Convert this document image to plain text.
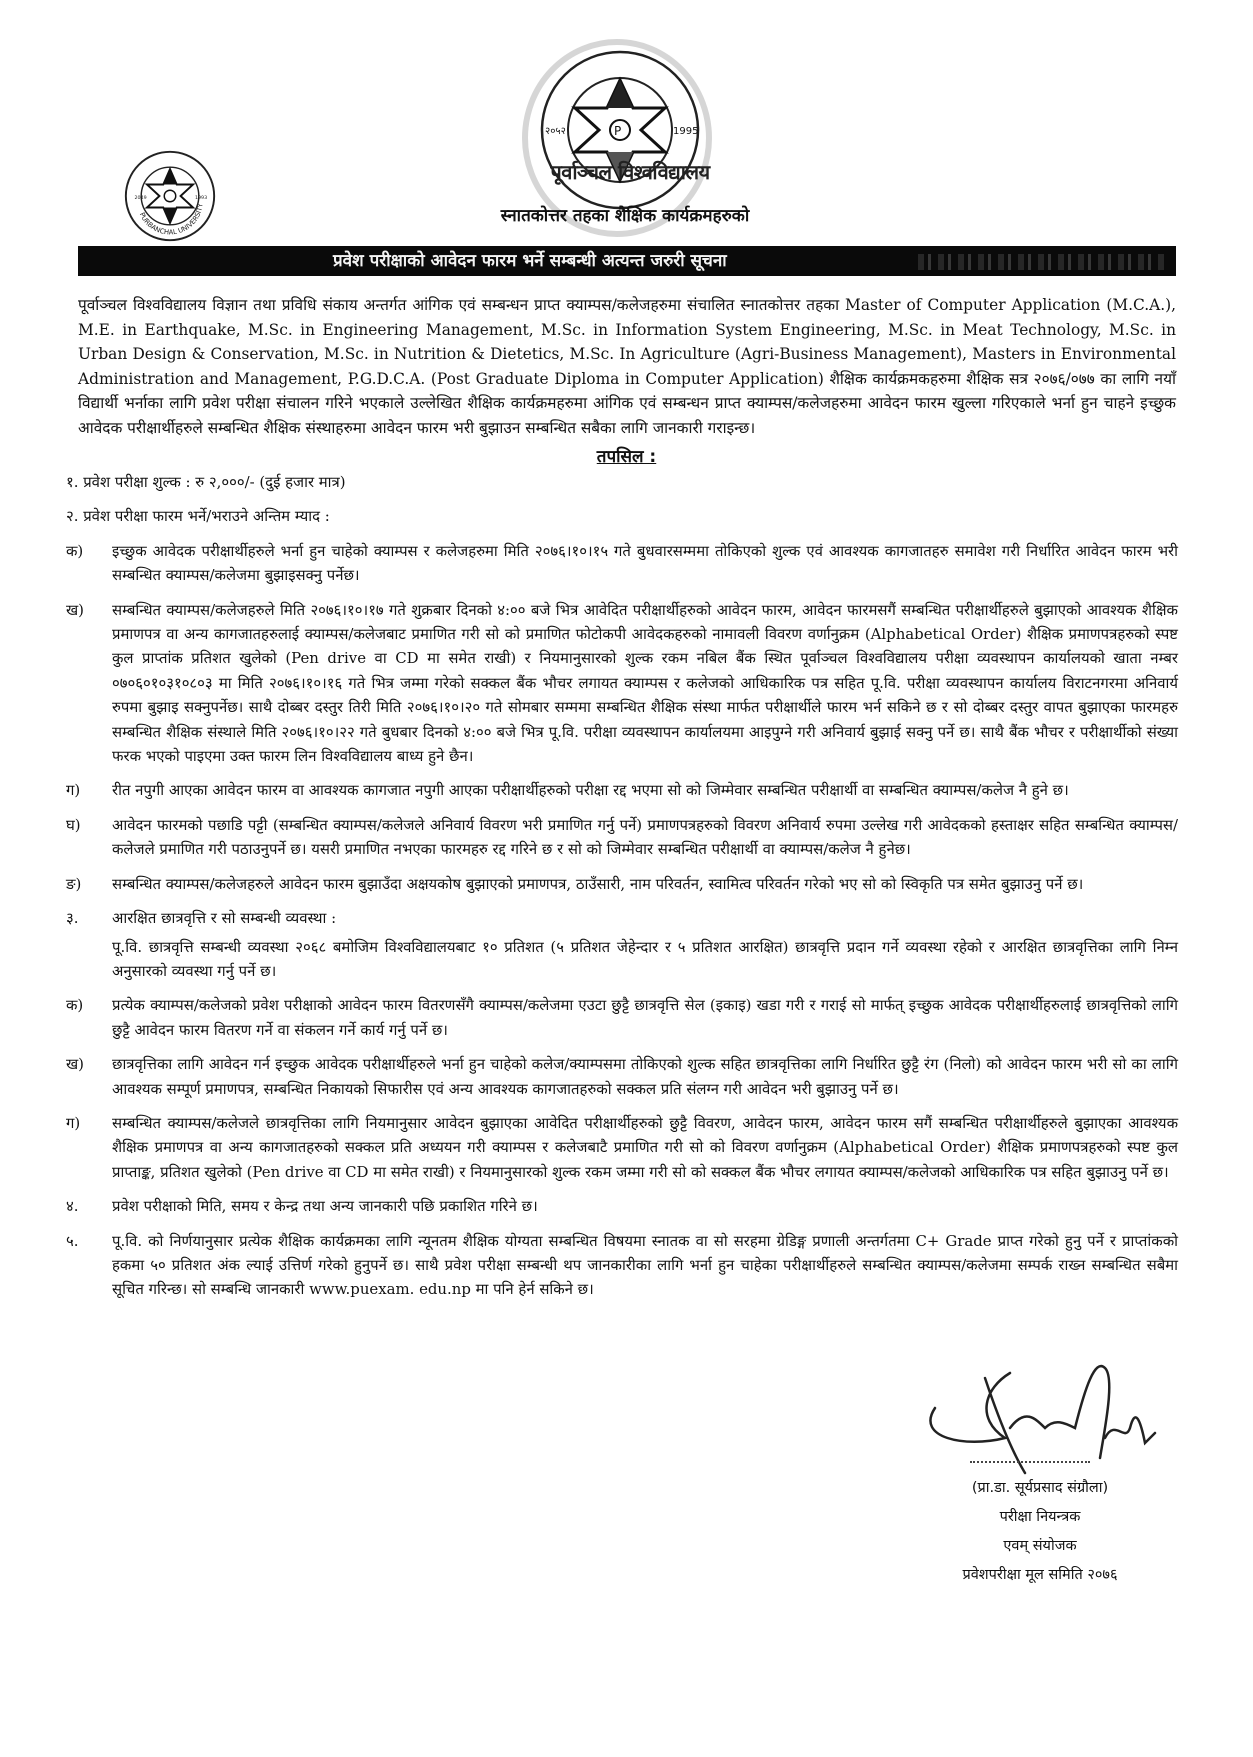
PURBANCHAL UNIVERSITY
2049	1993
P
२०५२	1995
पूर्वाञ्चल विश्वविद्यालय
स्नातकोत्तर तहका शैक्षिक कार्यक्रमहरुको
प्रवेश परीक्षाको आवेदन फारम भर्ने सम्बन्धी अत्यन्त जरुरी सूचना

पूर्वाञ्चल विश्वविद्यालय विज्ञान तथा प्रविधि संकाय अन्तर्गत आंगिक एवं सम्बन्धन प्राप्त क्याम्पस/कलेजहरुमा संचालित स्नातकोत्तर तहका Master of Computer Application (M.C.A.), M.E. in Earthquake, M.Sc. in Engineering Management, M.Sc. in Information System Engineering, M.Sc. in Meat Technology, M.Sc. in Urban Design & Conservation, M.Sc. in Nutrition & Dietetics, M.Sc. In Agriculture (Agri-Business Management), Masters in Environmental Administration and Management, P.G.D.C.A. (Post Graduate Diploma in Computer Application) शैक्षिक कार्यक्रमकहरुमा शैक्षिक सत्र २०७६/०७७ का लागि नयाँ विद्यार्थी भर्नाका लागि प्रवेश परीक्षा संचालन गरिने भएकाले उल्लेखित शैक्षिक कार्यक्रमहरुमा आंगिक एवं सम्बन्धन प्राप्त क्याम्पस/कलेजहरुमा आवेदन फारम खुल्ला गरिएकाले भर्ना हुन चाहने इच्छुक आवेदक परीक्षार्थीहरुले सम्बन्धित शैक्षिक संस्थाहरुमा आवेदन फारम भरी बुझाउन सम्बन्धित सबैका लागि जानकारी गराइन्छ।

तपसिल :
१. प्रवेश परीक्षा शुल्क : रु २,०००/- (दुई हजार मात्र)
२. प्रवेश परीक्षा फारम भर्ने/भराउने अन्तिम म्याद :
क)	इच्छुक आवेदक परीक्षार्थीहरुले भर्ना हुन चाहेको क्याम्पस र कलेजहरुमा मिति २०७६।१०।१५ गते बुधवारसम्ममा तोकिएको शुल्क एवं आवश्यक कागजातहरु समावेश गरी निर्धारित आवेदन फारम भरी सम्बन्धित क्याम्पस/कलेजमा बुझाइसक्नु पर्नेछ।
ख)	सम्बन्धित क्याम्पस/कलेजहरुले मिति २०७६।१०।१७ गते शुक्रबार दिनको ४:०० बजे भित्र आवेदित परीक्षार्थीहरुको आवेदन फारम, आवेदन फारमसगैं सम्बन्धित परीक्षार्थीहरुले बुझाएको आवश्यक शैक्षिक प्रमाणपत्र वा अन्य कागजातहरुलाई क्याम्पस/कलेजबाट प्रमाणित गरी सो को प्रमाणित फोटोकपी आवेदकहरुको नामावली विवरण वर्णानुक्रम (Alphabetical Order) शैक्षिक प्रमाणपत्रहरुको स्पष्ट कुल प्राप्तांक प्रतिशत खुलेको (Pen drive वा CD मा समेत राखी) र नियमानुसारको शुल्क रकम नबिल बैंक स्थित पूर्वाञ्चल विश्वविद्यालय परीक्षा व्यवस्थापन कार्यालयको खाता नम्बर ०७०६०१०३१०८०३ मा मिति २०७६।१०।१६ गते भित्र जम्मा गरेको सक्कल बैंक भौचर लगायत क्याम्पस र कलेजको आधिकारिक पत्र सहित पू.वि. परीक्षा व्यवस्थापन कार्यालय विराटनगरमा अनिवार्य रुपमा बुझाइ सक्नुपर्नेछ। साथै दोब्बर दस्तुर तिरी मिति २०७६।१०।२० गते सोमबार सम्ममा सम्बन्धित शैक्षिक संस्था मार्फत परीक्षार्थीले फारम भर्न सकिने छ र सो दोब्बर दस्तुर वापत बुझाएका फारमहरु सम्बन्धित शैक्षिक संस्थाले मिति २०७६।१०।२२ गते बुधबार दिनको ४:०० बजे भित्र पू.वि. परीक्षा व्यवस्थापन कार्यालयमा आइपुग्ने गरी अनिवार्य बुझाई सक्नु पर्ने छ। साथै बैंक भौचर र परीक्षार्थीको संख्या फरक भएको पाइएमा उक्त फारम लिन विश्वविद्यालय बाध्य हुने छैन।
ग)	रीत नपुगी आएका आवेदन फारम वा आवश्यक कागजात नपुगी आएका परीक्षार्थीहरुको परीक्षा रद्द भएमा सो को जिम्मेवार सम्बन्धित परीक्षार्थी वा सम्बन्धित क्याम्पस/कलेज नै हुने छ।
घ)	आवेदन फारमको पछाडि पट्टी (सम्बन्धित क्याम्पस/कलेजले अनिवार्य विवरण भरी प्रमाणित गर्नु पर्ने) प्रमाणपत्रहरुको विवरण अनिवार्य रुपमा उल्लेख गरी आवेदकको हस्ताक्षर सहित सम्बन्धित क्याम्पस/कलेजले प्रमाणित गरी पठाउनुपर्ने छ। यसरी प्रमाणित नभएका फारमहरु रद्द गरिने छ र सो को जिम्मेवार सम्बन्धित परीक्षार्थी वा क्याम्पस/कलेज नै हुनेछ।
ङ)	सम्बन्धित क्याम्पस/कलेजहरुले आवेदन फारम बुझाउँदा अक्षयकोष बुझाएको प्रमाणपत्र, ठाउँसारी, नाम परिवर्तन, स्वामित्व परिवर्तन गरेको भए सो को स्विकृति पत्र समेत बुझाउनु पर्ने छ।
३.	आरक्षित छात्रवृत्ति र सो सम्बन्धी व्यवस्था :
पू.वि. छात्रवृत्ति सम्बन्धी व्यवस्था २०६८ बमोजिम विश्वविद्यालयबाट १० प्रतिशत (५ प्रतिशत जेहेन्दार र ५ प्रतिशत आरक्षित) छात्रवृत्ति प्रदान गर्ने व्यवस्था रहेको र आरक्षित छात्रवृत्तिका लागि निम्न अनुसारको व्यवस्था गर्नु पर्ने छ।
क)	प्रत्येक क्याम्पस/कलेजको प्रवेश परीक्षाको आवेदन फारम वितरणसँगै क्याम्पस/कलेजमा एउटा छुट्टै छात्रवृत्ति सेल (इकाइ) खडा गरी र गराई सो मार्फत् इच्छुक आवेदक परीक्षार्थीहरुलाई छात्रवृत्तिको लागि छुट्टै आवेदन फारम वितरण गर्ने वा संकलन गर्ने कार्य गर्नु पर्ने छ।
ख)	छात्रवृत्तिका लागि आवेदन गर्न इच्छुक आवेदक परीक्षार्थीहरुले भर्ना हुन चाहेको कलेज/क्याम्पसमा तोकिएको शुल्क सहित छात्रवृत्तिका लागि निर्धारित छुट्टै रंग (निलो) को आवेदन फारम भरी सो का लागि आवश्यक सम्पूर्ण प्रमाणपत्र, सम्बन्धित निकायको सिफारीस एवं अन्य आवश्यक कागजातहरुको सक्कल प्रति संलग्न गरी आवेदन भरी बुझाउनु पर्ने छ।
ग)	सम्बन्धित क्याम्पस/कलेजले छात्रवृत्तिका लागि नियमानुसार आवेदन बुझाएका आवेदित परीक्षार्थीहरुको छुट्टै विवरण, आवेदन फारम, आवेदन फारम सगैं सम्बन्धित परीक्षार्थीहरुले बुझाएका आवश्यक शैक्षिक प्रमाणपत्र वा अन्य कागजातहरुको सक्कल प्रति अध्ययन गरी क्याम्पस र कलेजबाटै प्रमाणित गरी सो को विवरण वर्णानुक्रम (Alphabetical Order) शैक्षिक प्रमाणपत्रहरुको स्पष्ट कुल प्राप्ताङ्क, प्रतिशत खुलेको (Pen drive वा CD मा समेत राखी) र नियमानुसारको शुल्क रकम जम्मा गरी सो को सक्कल बैंक भौचर लगायत क्याम्पस/कलेजको आधिकारिक पत्र सहित बुझाउनु पर्ने छ।
४.	प्रवेश परीक्षाको मिति, समय र केन्द्र तथा अन्य जानकारी पछि प्रकाशित गरिने छ।
५.	पू.वि. को निर्णयानुसार प्रत्येक शैक्षिक कार्यक्रमका लागि न्यूनतम शैक्षिक योग्यता सम्बन्धित विषयमा स्नातक वा सो सरहमा ग्रेडिङ्ग प्रणाली अन्तर्गतमा C+ Grade प्राप्त गरेको हुनु पर्ने र प्राप्तांकको हकमा ५० प्रतिशत अंक ल्याई उत्तिर्ण गरेको हुनुपर्ने छ। साथै प्रवेश परीक्षा सम्बन्धी थप जानकारीका लागि भर्ना हुन चाहेका परीक्षार्थीहरुले सम्बन्धित क्याम्पस/कलेजमा सम्पर्क राख्न सम्बन्धित सबैमा सूचित गरिन्छ। सो सम्बन्धि जानकारी www.puexam. edu.np मा पनि हेर्न सकिने छ।
(प्रा.डा. सूर्यप्रसाद संग्रौला)
परीक्षा नियन्त्रक
एवम् संयोजक
प्रवेशपरीक्षा मूल समिति २०७६
